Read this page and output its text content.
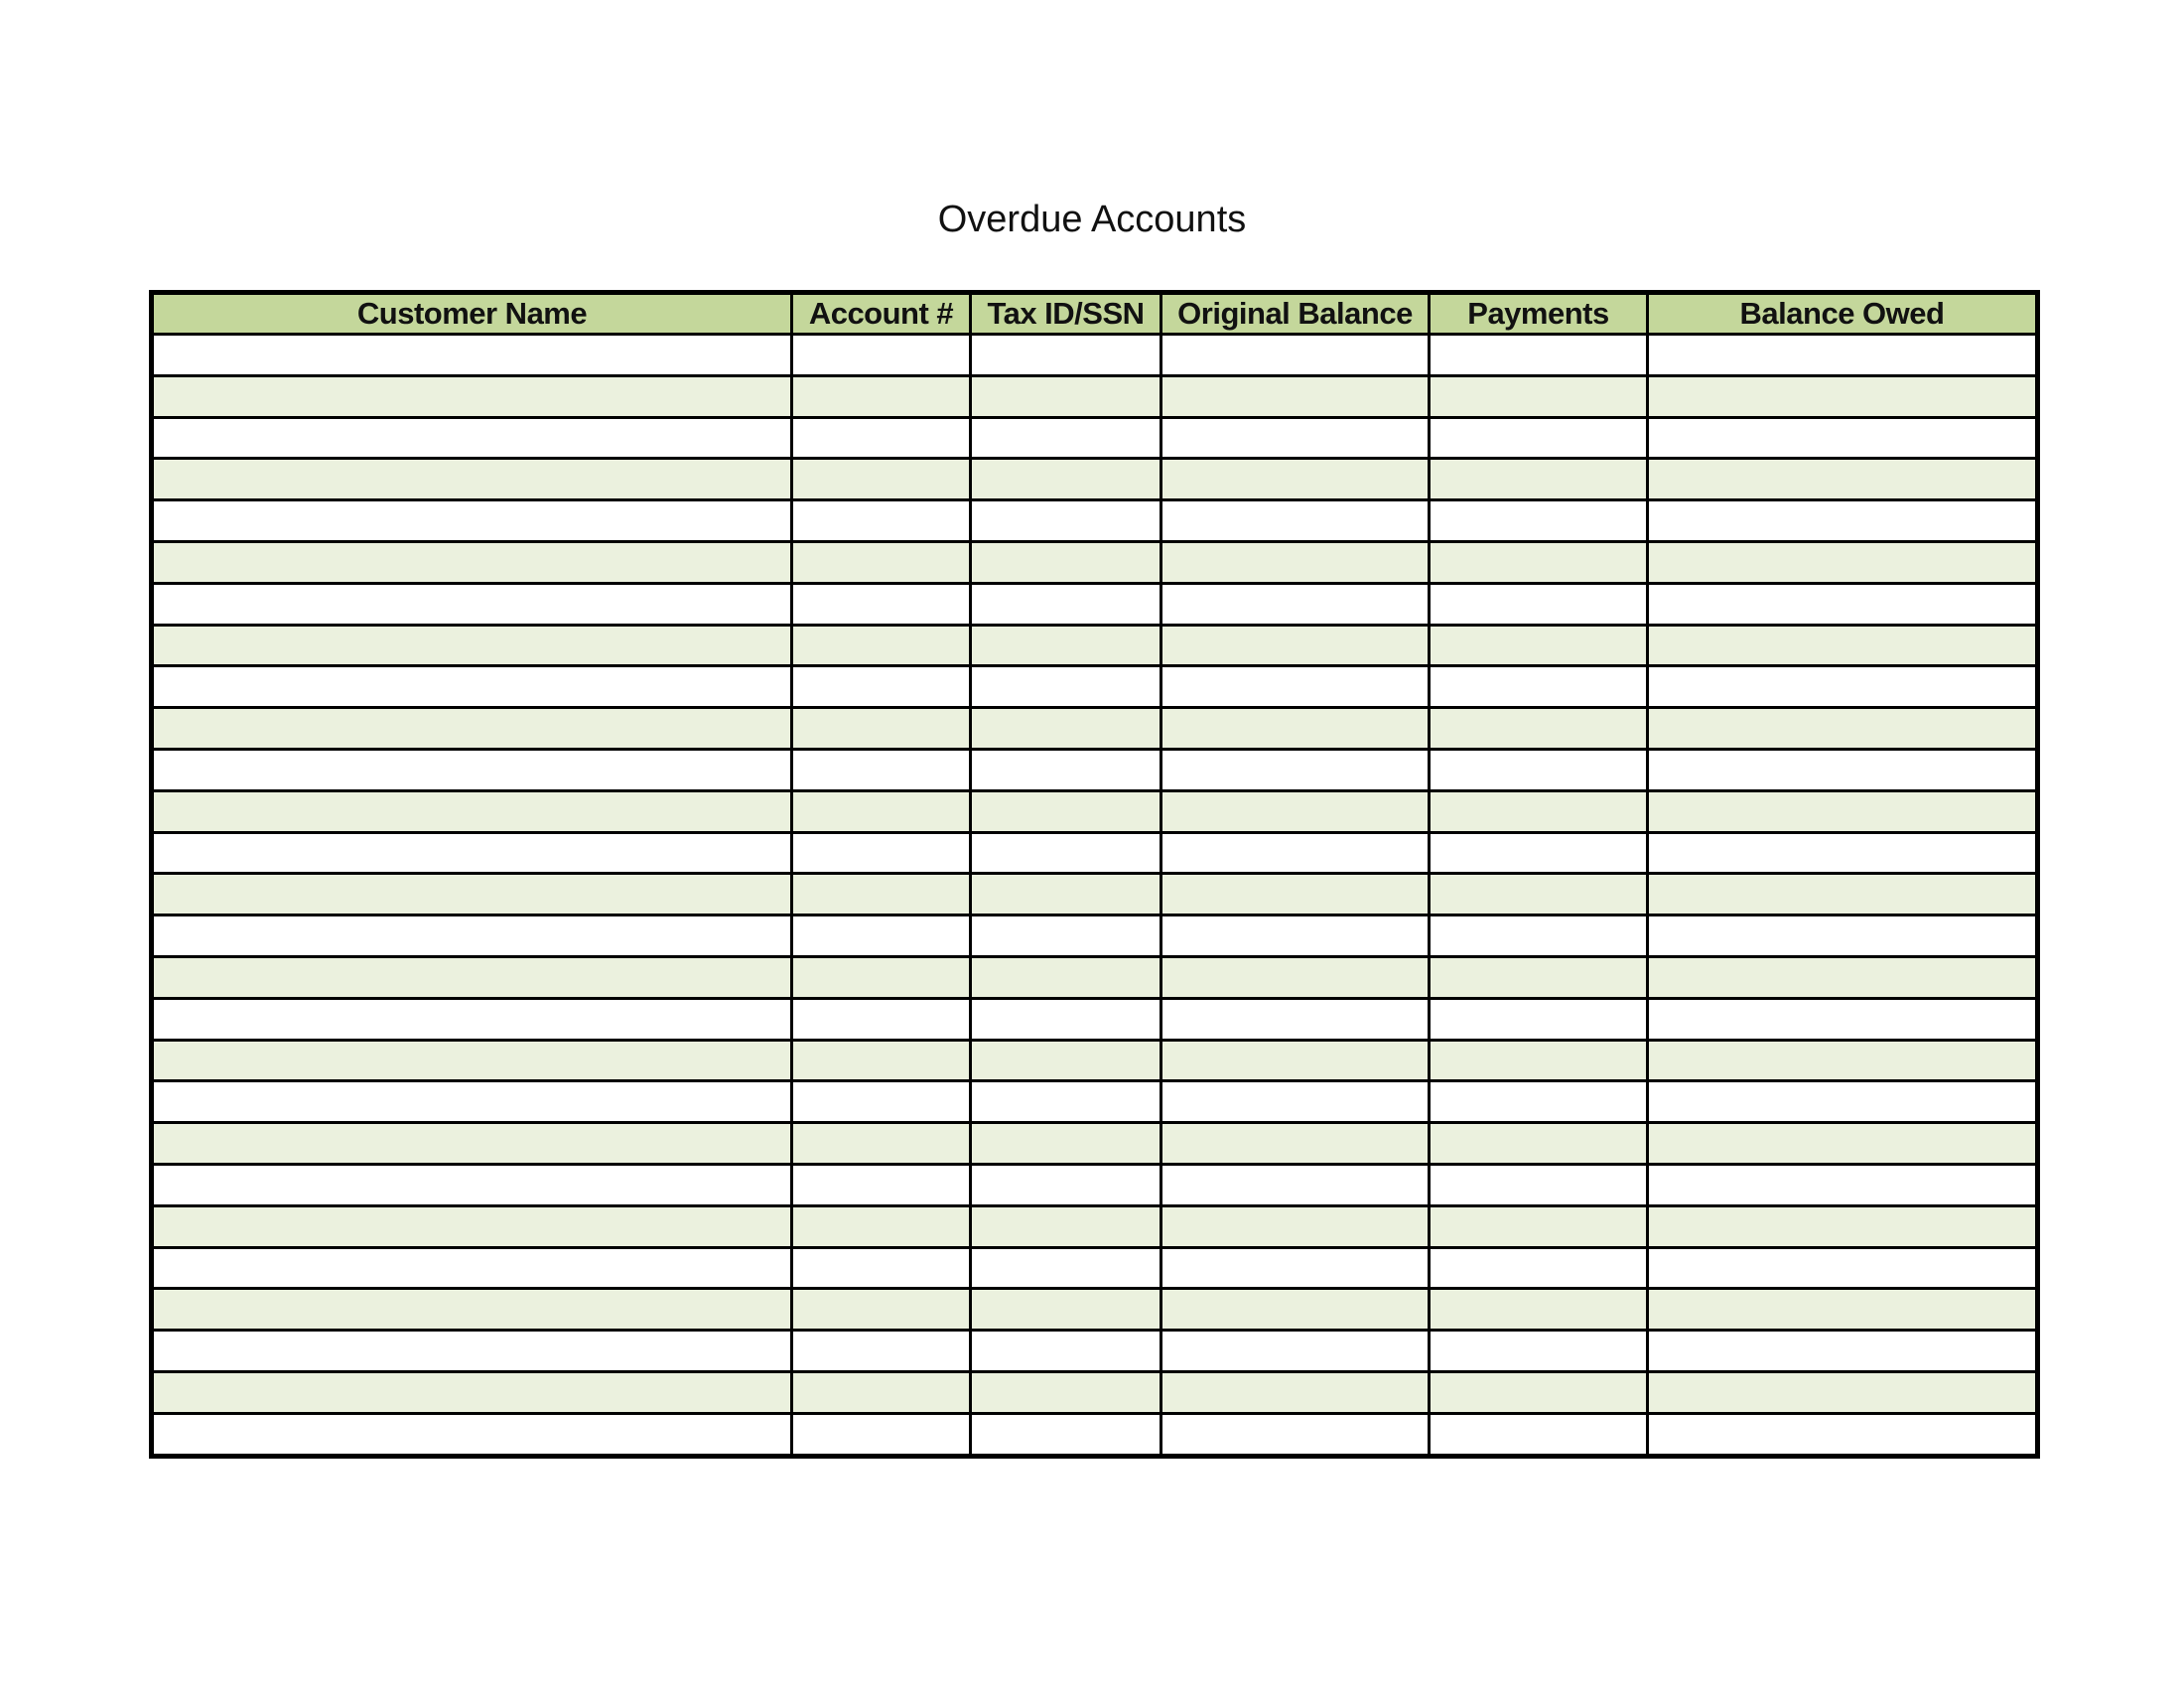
Overdue Accounts
Customer Name	Account #	Tax ID/SSN	Original Balance	Payments	Balance Owed
